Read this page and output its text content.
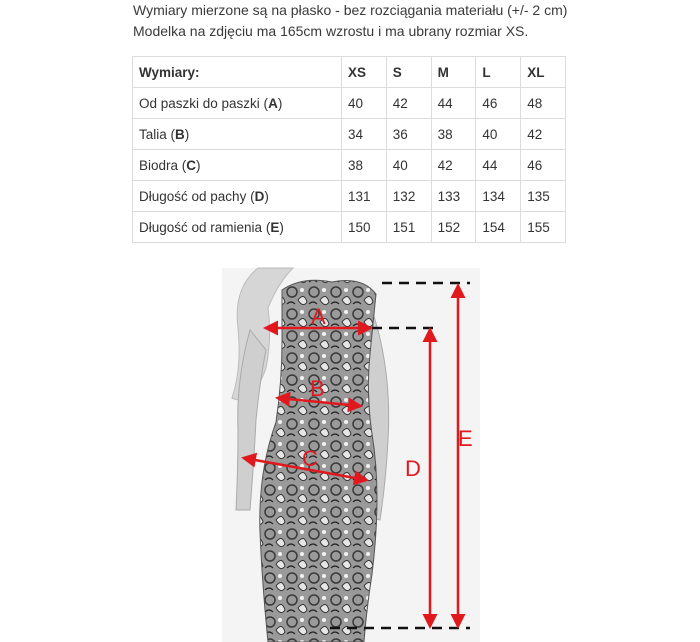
Wymiary mierzone są na płasko - bez rozciągania materiału (+/- 2 cm)

Modelka na zdjęciu ma 165cm wzrostu i ma ubrany rozmiar XS.

Wymiary:	XS	S	M	L	XL
Od paszki do paszki (A)	40	42	44	46	48
Talia (B)	34	36	38	40	42
Biodra (C)	38	40	42	44	46
Długość od pachy (D)	131	132	133	134	135
Długość od ramienia (E)	150	151	152	154	155
A
B
C	D
E
